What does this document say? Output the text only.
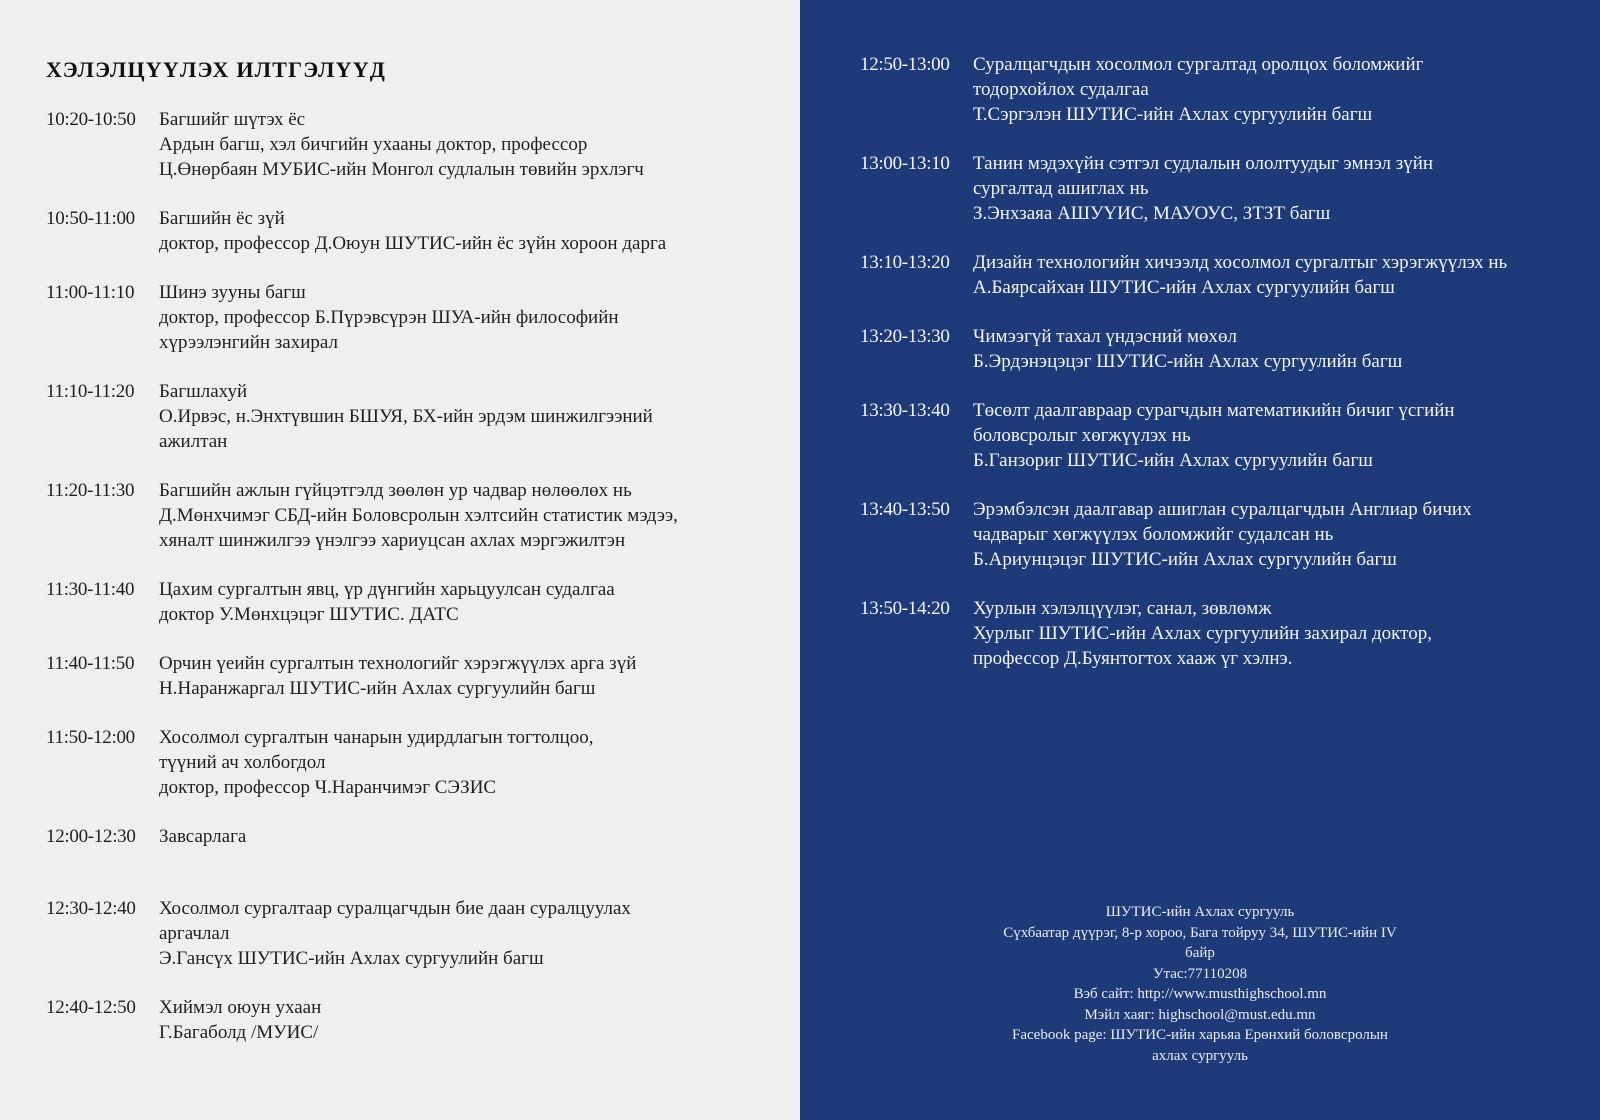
ХЭЛЭЛЦҮҮЛЭХ ИЛТГЭЛҮҮД
10:20-10:50	Багшийг шүтэх ёс
Ардын багш, хэл бичгийн ухааны доктор, профессор
Ц.Өнөрбаян МУБИС-ийн Монгол судлалын төвийн эрхлэгч
10:50-11:00	Багшийн ёс зүй
доктор, профессор Д.Оюун ШУТИС-ийн ёс зүйн хороон дарга
11:00-11:10	Шинэ зууны багш
доктор, профессор Б.Пүрэвсүрэн ШУА-ийн философийн
хүрээлэнгийн захирал
11:10-11:20	Багшлахуй
О.Ирвэс, н.Энхтүвшин БШУЯ, БХ-ийн эрдэм шинжилгээний
ажилтан
11:20-11:30	Багшийн ажлын гүйцэтгэлд зөөлөн ур чадвар нөлөөлөх нь
Д.Мөнхчимэг СБД-ийн Боловсролын хэлтсийн статистик мэдээ,
хяналт шинжилгээ үнэлгээ хариуцсан ахлах мэргэжилтэн
11:30-11:40	Цахим сургалтын явц, үр дүнгийн харьцуулсан судалгаа
доктор У.Мөнхцэцэг ШУТИС. ДАТС
11:40-11:50	Орчин үеийн сургалтын технологийг хэрэгжүүлэх арга зүй
Н.Наранжаргал ШУТИС-ийн Ахлах сургуулийн багш
11:50-12:00	Хосолмол сургалтын чанарын удирдлагын тогтолцоо,
түүний ач холбогдол
доктор, профессор Ч.Наранчимэг СЭЗИС
12:00-12:30	Завсарлага
12:30-12:40	Хосолмол сургалтаар суралцагчдын бие даан суралцуулах
аргачлал
Э.Гансүх ШУТИС-ийн Ахлах сургуулийн багш
12:40-12:50	Хиймэл оюун ухаан
Г.Багаболд /МУИС/
12:50-13:00	Суралцагчдын хосолмол сургалтад оролцох боломжийг
тодорхойлох судалгаа
Т.Сэргэлэн ШУТИС-ийн Ахлах сургуулийн багш
13:00-13:10	Танин мэдэхүйн сэтгэл судлалын ололтуудыг эмнэл зүйн
сургалтад ашиглах нь
З.Энхзаяа АШУҮИС, МАУОУС, ЗТЗТ багш
13:10-13:20	Дизайн технологийн хичээлд хосолмол сургалтыг хэрэгжүүлэх нь
А.Баярсайхан ШУТИС-ийн Ахлах сургуулийн багш
13:20-13:30	Чимээгүй тахал үндэсний мөхөл
Б.Эрдэнэцэцэг ШУТИС-ийн Ахлах сургуулийн багш
13:30-13:40	Төсөлт даалгавраар сурагчдын математикийн бичиг үсгийн
боловсролыг хөгжүүлэх нь
Б.Ганзориг ШУТИС-ийн Ахлах сургуулийн багш
13:40-13:50	Эрэмбэлсэн даалгавар ашиглан суралцагчдын Англиар бичих
чадварыг хөгжүүлэх боломжийг судалсан нь
Б.Ариунцэцэг ШУТИС-ийн Ахлах сургуулийн багш
13:50-14:20	Хурлын хэлэлцүүлэг, санал, зөвлөмж
Хурлыг ШУТИС-ийн Ахлах сургуулийн захирал доктор,
профессор Д.Буянтогтох хааж үг хэлнэ.
ШУТИС-ийн Ахлах сургууль
Сүхбаатар дүүрэг, 8-р хороо, Бага тойруу 34, ШУТИС-ийн IV
байр
Утас:77110208
Вэб сайт: http://www.musthighschool.mn
Мэйл хаяг: highschool@must.edu.mn
Facebook page: ШУТИС-ийн харьяа Ерөнхий боловсролын
ахлах сургууль
